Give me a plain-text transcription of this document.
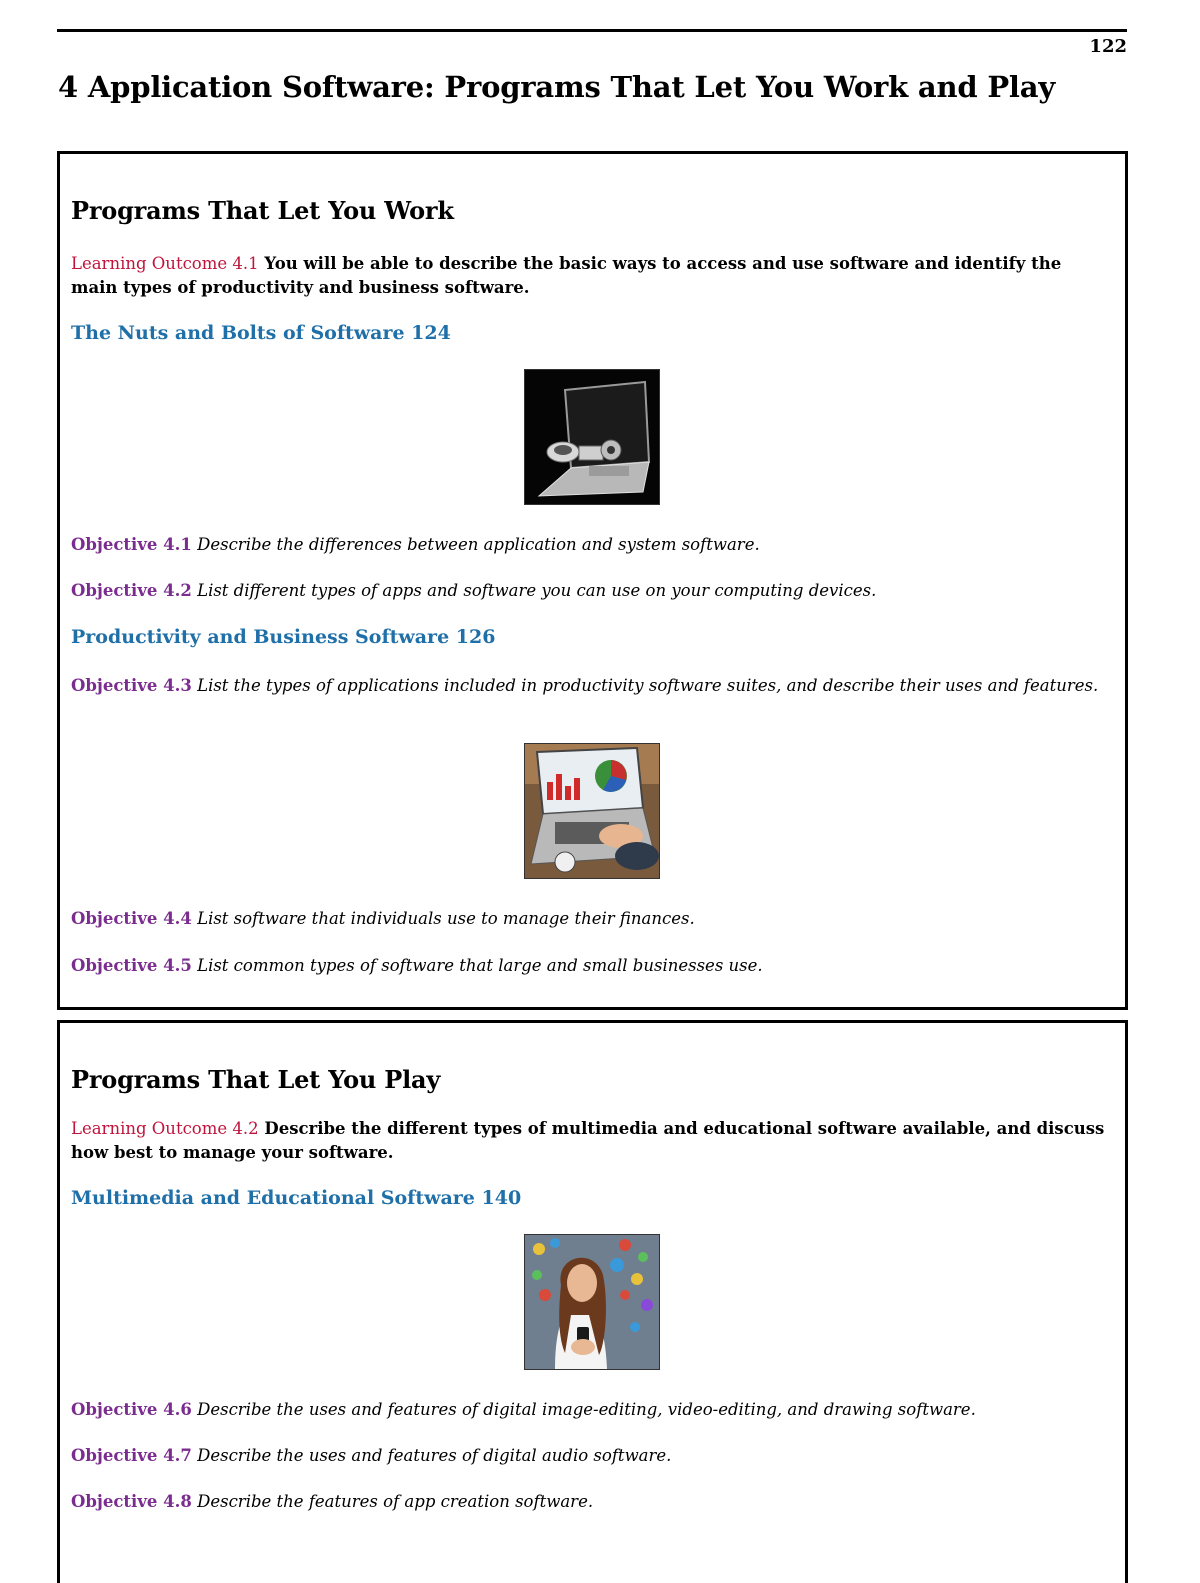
122
4 Application Software: Programs That Let You Work and Play
Programs That Let You Work

Learning Outcome 4.1 You will be able to describe the basic ways to access and use software and identify the main types of productivity and business software.

The Nuts and Bolts of Software 124

Objective 4.1 Describe the differences between application and system software.

Objective 4.2 List different types of apps and software you can use on your computing devices.

Productivity and Business Software 126

Objective 4.3 List the types of applications included in productivity software suites, and describe their uses and features.

Objective 4.4 List software that individuals use to manage their finances.

Objective 4.5 List common types of software that large and small businesses use.

Programs That Let You Play

Learning Outcome 4.2 Describe the different types of multimedia and educational software available, and discuss how best to manage your software.

Multimedia and Educational Software 140

Objective 4.6 Describe the uses and features of digital image-editing, video-editing, and drawing software.

Objective 4.7 Describe the uses and features of digital audio software.

Objective 4.8 Describe the features of app creation software.
